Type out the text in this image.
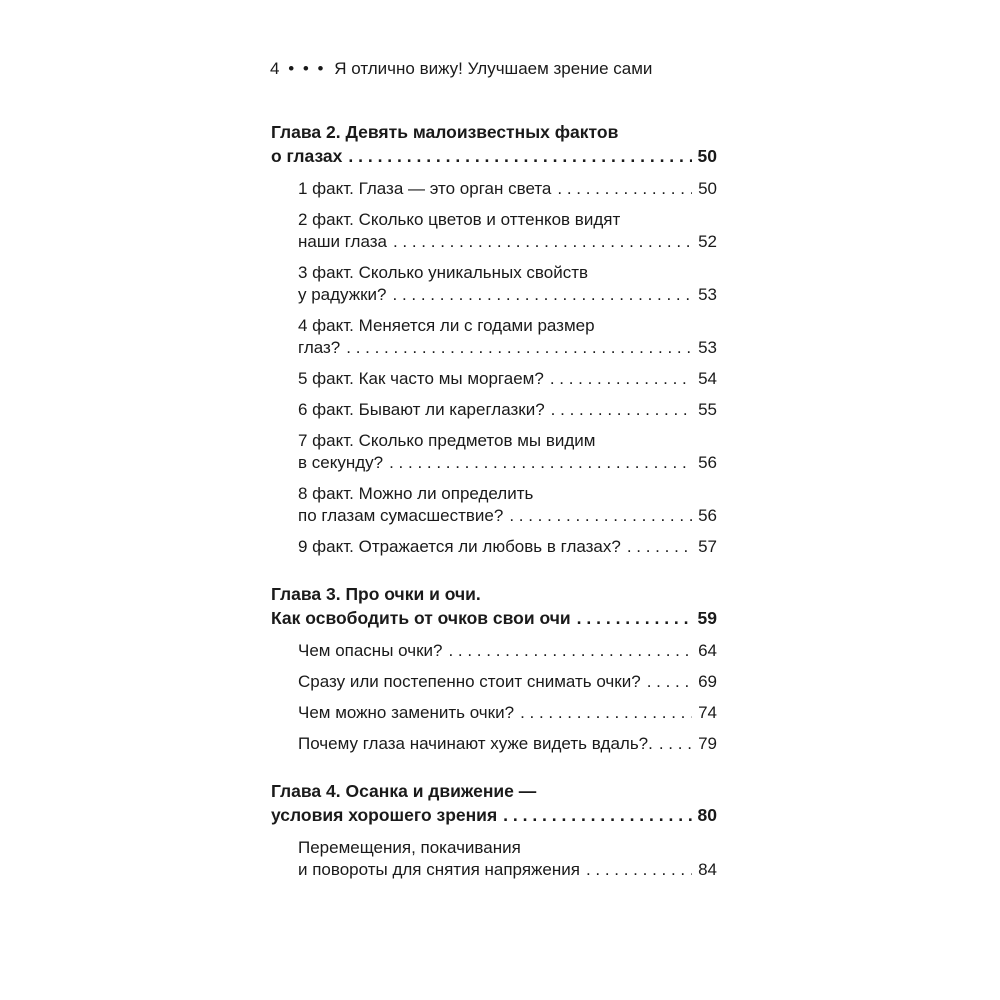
4 • • • Я отлично вижу! Улучшаем зрение сами
Глава 2. Девять малоизвестных фактов
о глазах . . .	50
1 факт. Глаза — это орган света . . .	50
2 факт. Сколько цветов и оттенков видят
наши глаза . . .	52
3 факт. Сколько уникальных свойств
у радужки? . . .	53
4 факт. Меняется ли с годами размер
глаз? . . .	53
5 факт. Как часто мы моргаем? . . .	54
6 факт. Бывают ли кареглазки? . . .	55
7 факт. Сколько предметов мы видим
в секунду? . . .	56
8 факт. Можно ли определить
по глазам сумасшествие? . . .	56
9 факт. Отражается ли любовь в глазах? . . .	57
Глава 3. Про очки и очи.
Как освободить от очков свои очи . . .	59
Чем опасны очки? . . .	64
Сразу или постепенно стоит снимать очки? . . .	69
Чем можно заменить очки? . . .	74
Почему глаза начинают хуже видеть вдаль?. . . .	79
Глава 4. Осанка и движение —
условия хорошего зрения . . .	80
Перемещения, покачивания
и повороты для снятия напряжения . . .	84
